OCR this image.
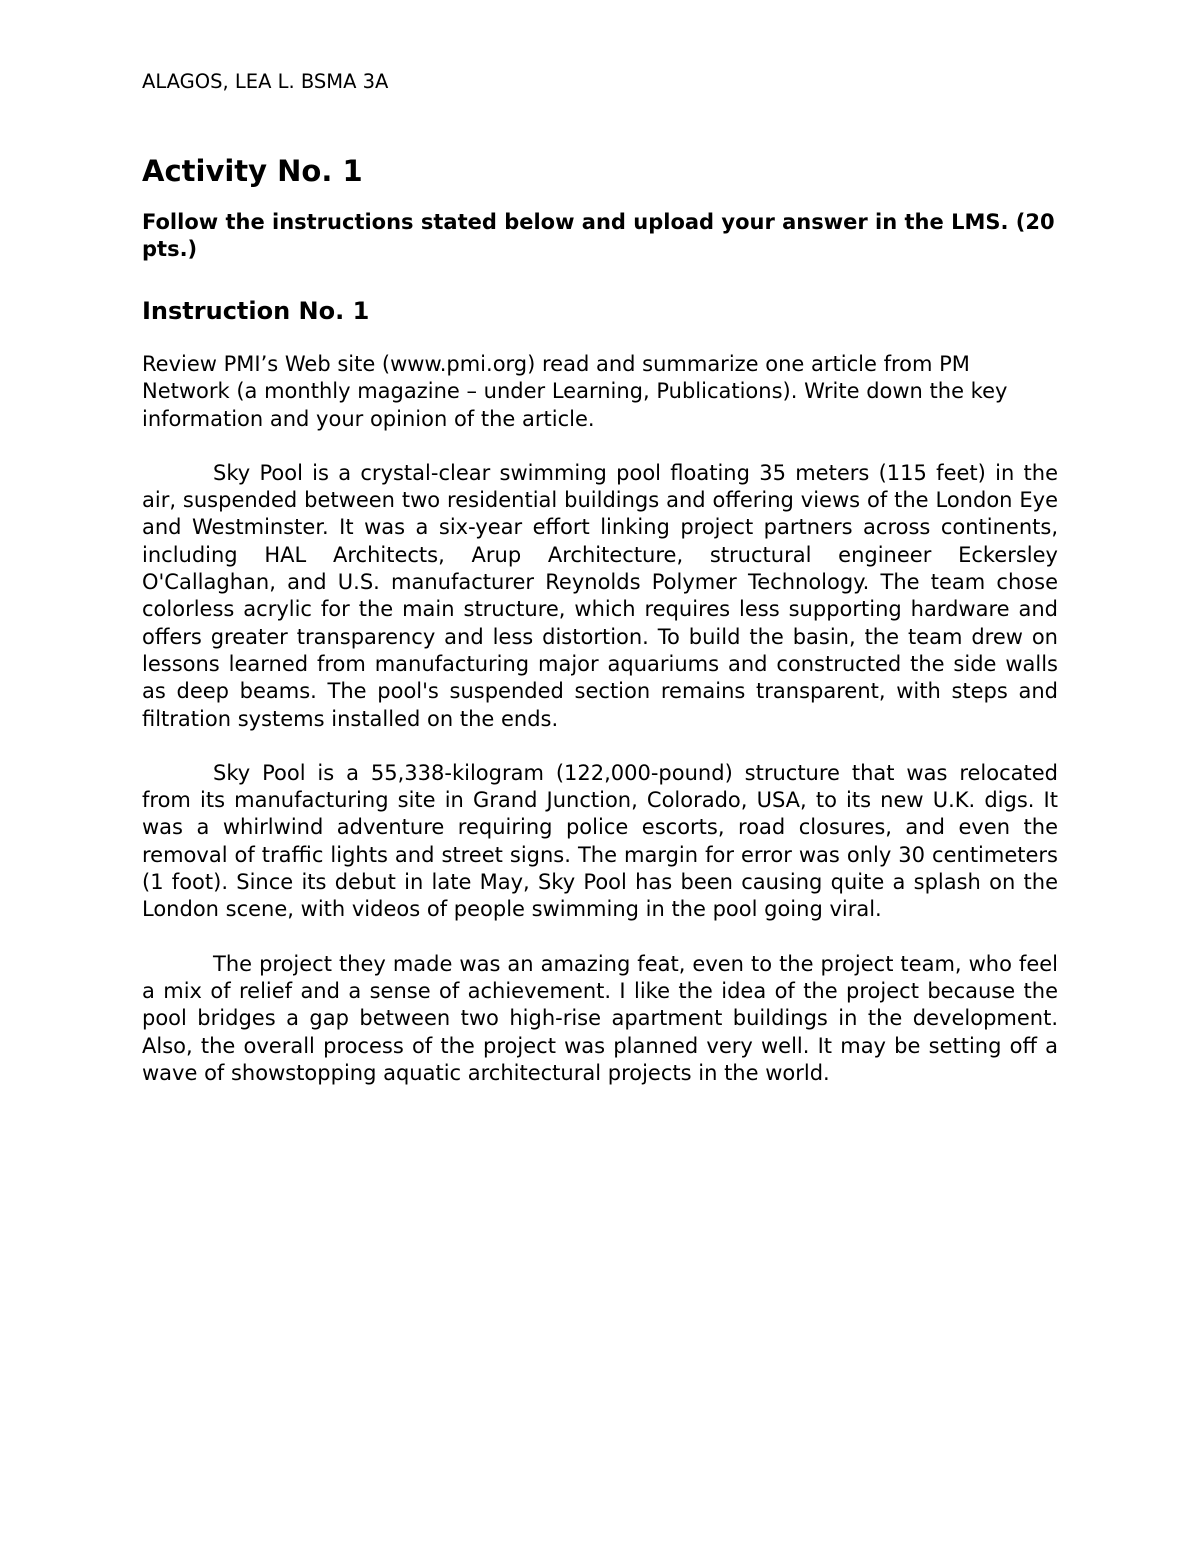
ALAGOS, LEA L. BSMA 3A

Activity No. 1

Follow the instructions stated below and upload your answer in the LMS. (20 pts.)

Instruction No. 1

Review PMI’s Web site (www.pmi.org) read and summarize one article from PM Network (a monthly magazine – under Learning, Publications). Write down the key information and your opinion of the article.

Sky Pool is a crystal-clear swimming pool floating 35 meters (115 feet) in the air, suspended between two residential buildings and offering views of the London Eye and Westminster. It was a six-year effort linking project partners across continents, including HAL Architects, Arup Architecture, structural engineer Eckersley O'Callaghan, and U.S. manufacturer Reynolds Polymer Technology. The team chose colorless acrylic for the main structure, which requires less supporting hardware and offers greater transparency and less distortion. To build the basin, the team drew on lessons learned from manufacturing major aquariums and constructed the side walls as deep beams. The pool's suspended section remains transparent, with steps and filtration systems installed on the ends.

Sky Pool is a 55,338-kilogram (122,000-pound) structure that was relocated from its manufacturing site in Grand Junction, Colorado, USA, to its new U.K. digs. It was a whirlwind adventure requiring police escorts, road closures, and even the removal of traffic lights and street signs. The margin for error was only 30 centimeters (1 foot). Since its debut in late May, Sky Pool has been causing quite a splash on the London scene, with videos of people swimming in the pool going viral.

The project they made was an amazing feat, even to the project team, who feel a mix of relief and a sense of achievement. I like the idea of the project because the pool bridges a gap between two high-rise apartment buildings in the development. Also, the overall process of the project was planned very well. It may be setting off a wave of showstopping aquatic architectural projects in the world.
